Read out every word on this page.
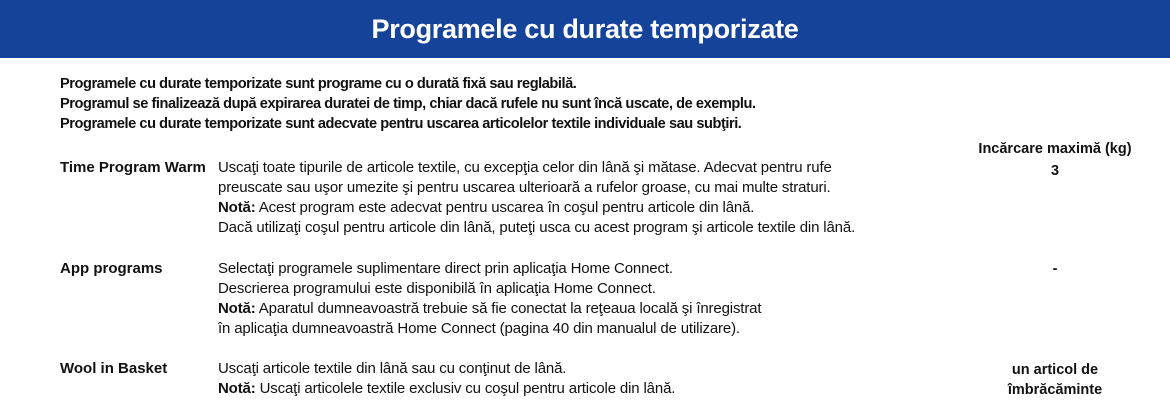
Programele cu durate temporizate
Programele cu durate temporizate sunt programe cu o durată fixă sau reglabilă.
Programul se finalizează după expirarea duratei de timp, chiar dacă rufele nu sunt încă uscate, de exemplu.
Programele cu durate temporizate sunt adecvate pentru uscarea articolelor textile individuale sau subţiri.
Incărcare maximă (kg)
Time Program Warm Uscaţi toate tipurile de articole textile, cu excepţia celor din lână şi mătase. Adecvat pentru rufe
preuscate sau uşor umezite şi pentru uscarea ulterioară a rufelor groase, cu mai multe straturi.
Notă: Acest program este adecvat pentru uscarea în coşul pentru articole din lână.
Dacă utilizaţi coşul pentru articole din lână, puteţi usca cu acest program şi articole textile din lână.
3
App programs	Selectaţi programele suplimentare direct prin aplicaţia Home Connect.
Descrierea programului este disponibilă în aplicaţia Home Connect.
Notă: Aparatul dumneavoastră trebuie să fie conectat la reţeaua locală şi înregistrat
în aplicaţia dumneavoastră Home Connect (pagina 40 din manualul de utilizare).
-
Wool in Basket	Uscaţi articole textile din lână sau cu conţinut de lână.
Notă: Uscaţi articolele textile exclusiv cu coşul pentru articole din lână.
un articol de
îmbrăcăminte
